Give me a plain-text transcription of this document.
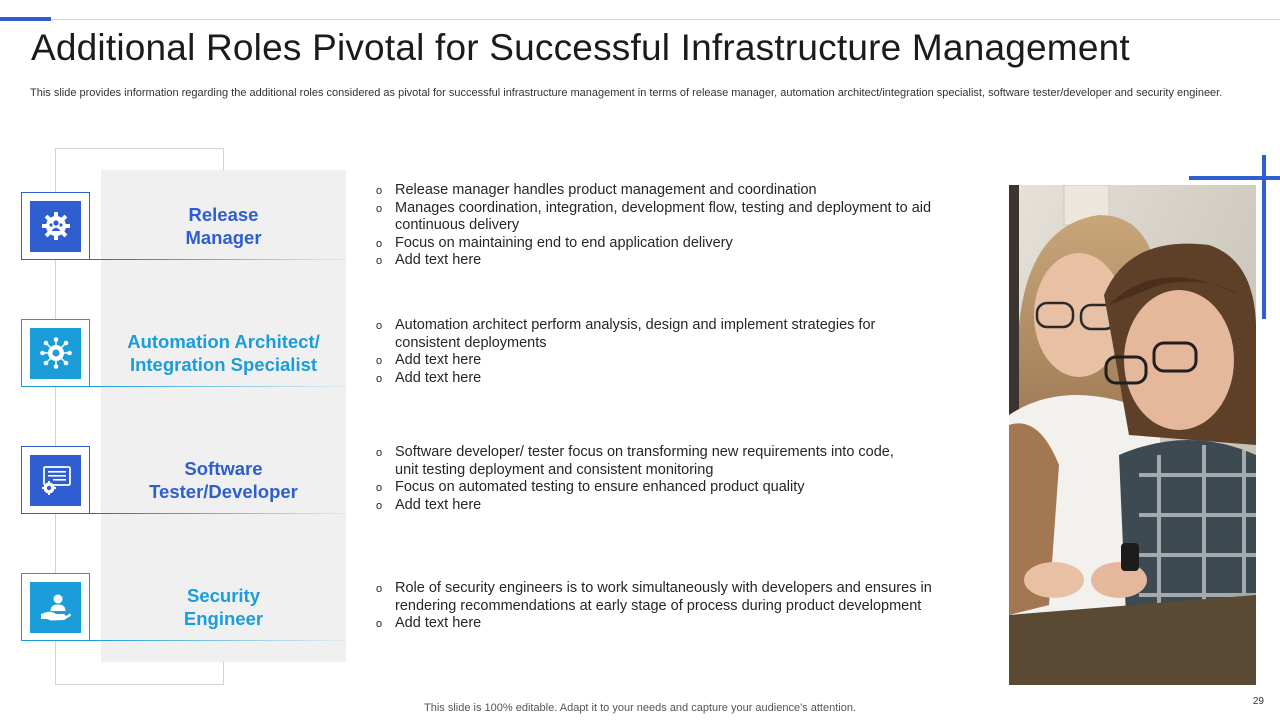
Additional Roles Pivotal for Successful Infrastructure Management

This slide provides information regarding the additional roles considered as pivotal for successful infrastructure management in terms of release manager, automation architect/integration specialist, software tester/developer and security engineer.

Release
Manager
o Release manager handles product management and coordination
o Manages coordination, integration, development flow, testing and deployment to aid continuous delivery
o Focus on maintaining end to end application delivery
o Add text here
Automation Architect/
Integration Specialist
o Automation architect perform analysis, design and implement strategies for consistent deployments
o Add text here
o Add text here
Software
Tester/Developer
o Software developer/ tester focus on transforming new requirements into code, unit testing deployment and consistent monitoring
o Focus on automated testing to ensure enhanced product quality
o Add text here
Security
Engineer
o Role of security engineers is to work simultaneously with developers and ensures in rendering recommendations at early stage of process during product development
o Add text here
This slide is 100% editable. Adapt it to your needs and capture your audience's attention.
29
